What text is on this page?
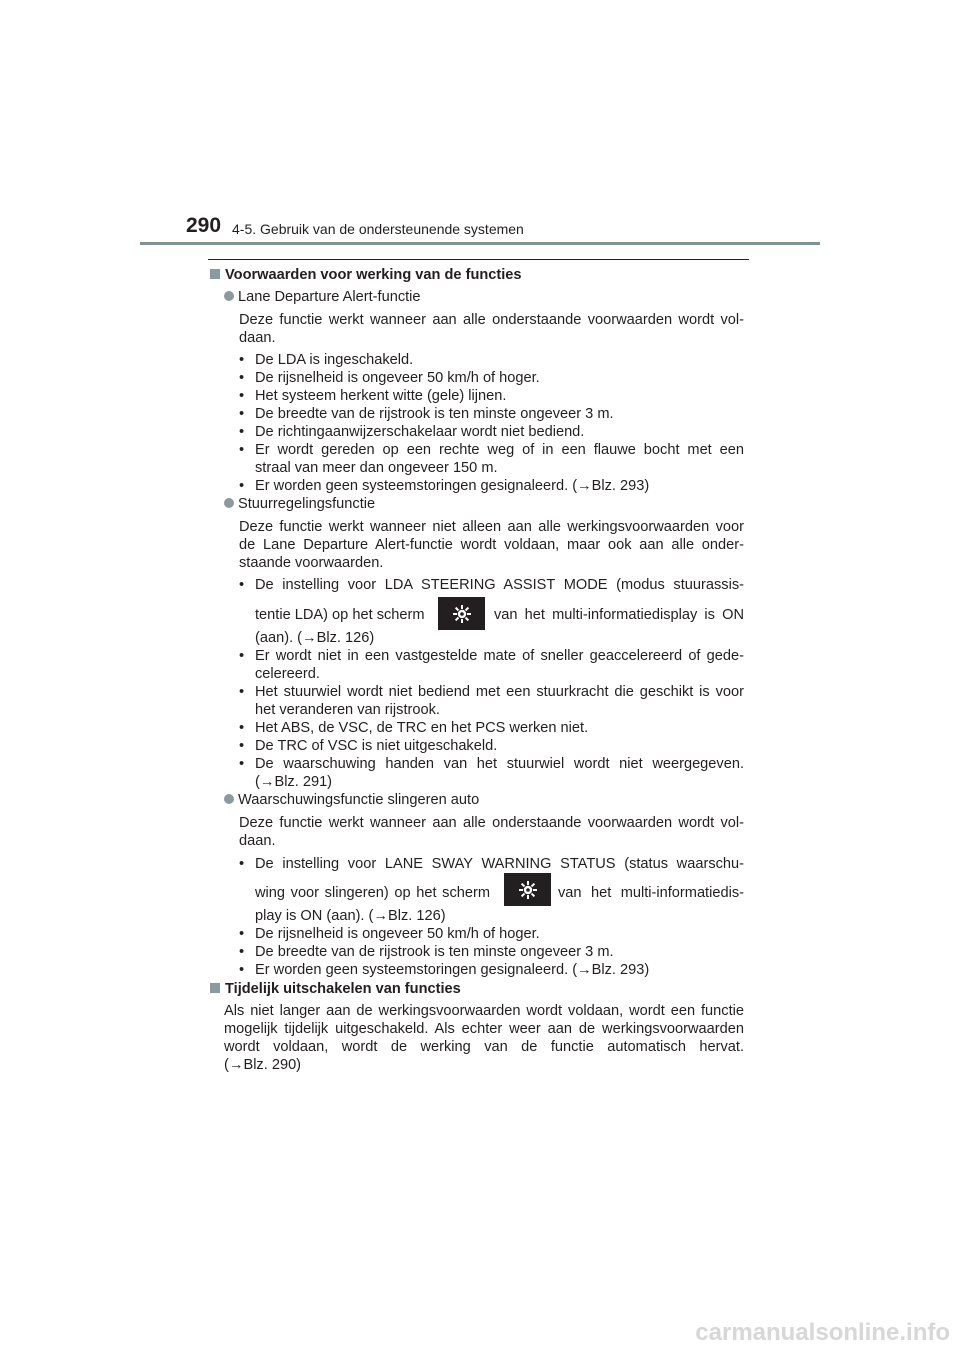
290 4-5. Gebruik van de ondersteunende systemen
Voorwaarden voor werking van de functies
Lane Departure Alert-functie
Deze functie werkt wanneer aan alle onderstaande voorwaarden wordt vol-
daan.
• De LDA is ingeschakeld.
• De rijsnelheid is ongeveer 50 km/h of hoger.
• Het systeem herkent witte (gele) lijnen.
• De breedte van de rijstrook is ten minste ongeveer 3 m.
• De richtingaanwijzerschakelaar wordt niet bediend.
• Er wordt gereden op een rechte weg of in een flauwe bocht met een
straal van meer dan ongeveer 150 m.
• Er worden geen systeemstoringen gesignaleerd. (→Blz. 293)
Stuurregelingsfunctie
Deze functie werkt wanneer niet alleen aan alle werkingsvoorwaarden voor
de Lane Departure Alert-functie wordt voldaan, maar ook aan alle onder-
staande voorwaarden.
• De instelling voor LDA STEERING ASSIST MODE (modus stuurassis-
tentie LDA) op het scherm	van het multi-informatiedisplay is ON
(aan). (→Blz. 126)
• Er wordt niet in een vastgestelde mate of sneller geaccelereerd of gede-
celereerd.
• Het stuurwiel wordt niet bediend met een stuurkracht die geschikt is voor
het veranderen van rijstrook.
• Het ABS, de VSC, de TRC en het PCS werken niet.
• De TRC of VSC is niet uitgeschakeld.
• De waarschuwing handen van het stuurwiel wordt niet weergegeven.
(→Blz. 291)
Waarschuwingsfunctie slingeren auto
Deze functie werkt wanneer aan alle onderstaande voorwaarden wordt vol-
daan.
• De instelling voor LANE SWAY WARNING STATUS (status waarschu-
wing voor slingeren) op het scherm	van het multi-informatiedis-
play is ON (aan). (→Blz. 126)
• De rijsnelheid is ongeveer 50 km/h of hoger.
• De breedte van de rijstrook is ten minste ongeveer 3 m.
• Er worden geen systeemstoringen gesignaleerd. (→Blz. 293)
Tijdelijk uitschakelen van functies
Als niet langer aan de werkingsvoorwaarden wordt voldaan, wordt een functie
mogelijk tijdelijk uitgeschakeld. Als echter weer aan de werkingsvoorwaarden
wordt voldaan, wordt de werking van de functie automatisch hervat.
(→Blz. 290)
carmanualsonline.info
